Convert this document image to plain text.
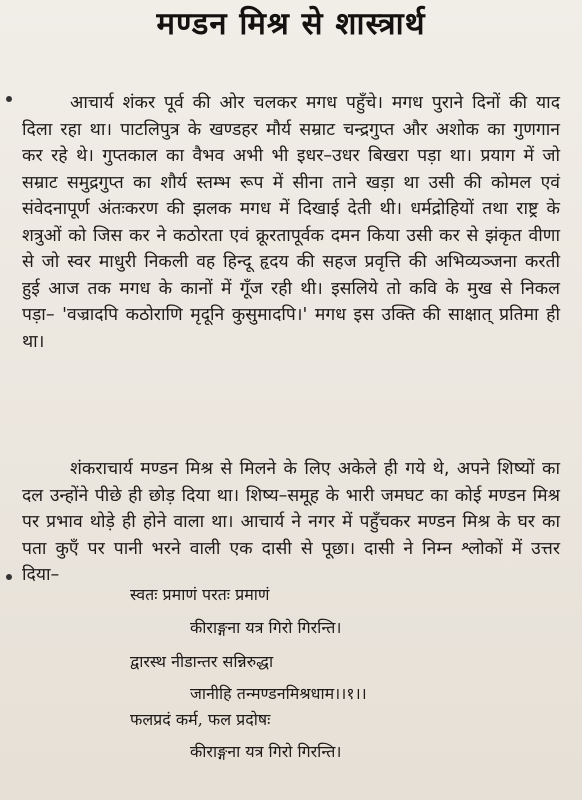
मण्डन मिश्र से शास्त्रार्थ
आचार्य शंकर पूर्व की ओर चलकर मगध पहुँचे। मगध पुराने दिनों की याद दिला रहा था। पाटलिपुत्र के खण्डहर मौर्य सम्राट चन्द्रगुप्त और अशोक का गुणगान कर रहे थे। गुप्तकाल का वैभव अभी भी इधर–उधर बिखरा पड़ा था। प्रयाग में जो सम्राट समुद्रगुप्त का शौर्य स्तम्भ रूप में सीना ताने खड़ा था उसी की कोमल एवं संवेदनापूर्ण अंतःकरण की झलक मगध में दिखाई देती थी। धर्मद्रोहियों तथा राष्ट्र के शत्रुओं को जिस कर ने कठोरता एवं क्रूरतापूर्वक दमन किया उसी कर से झंकृत वीणा से जो स्वर माधुरी निकली वह हिन्दू हृदय की सहज प्रवृत्ति की अभिव्यञ्जना करती हुई आज तक मगध के कानों में गूँज रही थी। इसलिये तो कवि के मुख से निकल पड़ा– 'वज्रादपि कठोराणि मृदूनि कुसुमादपि।' मगध इस उक्ति की साक्षात् प्रतिमा ही था।
शंकराचार्य मण्डन मिश्र से मिलने के लिए अकेले ही गये थे, अपने शिष्यों का दल उन्होंने पीछे ही छोड़ दिया था। शिष्य–समूह के भारी जमघट का कोई मण्डन मिश्र पर प्रभाव थोड़े ही होने वाला था। आचार्य ने नगर में पहुँचकर मण्डन मिश्र के घर का पता कुएँ पर पानी भरने वाली एक दासी से पूछा। दासी ने निम्न श्लोकों में उत्तर दिया–
स्वतः प्रमाणं परतः प्रमाणं
कीराङ्गना यत्र गिरो गिरन्ति।
द्वारस्थ नीडान्तर सन्निरुद्धा
जानीहि तन्मण्डनमिश्रधाम।।१।।
फलप्रदं कर्म, फल प्रदोषः
कीराङ्गना यत्र गिरो गिरन्ति।
